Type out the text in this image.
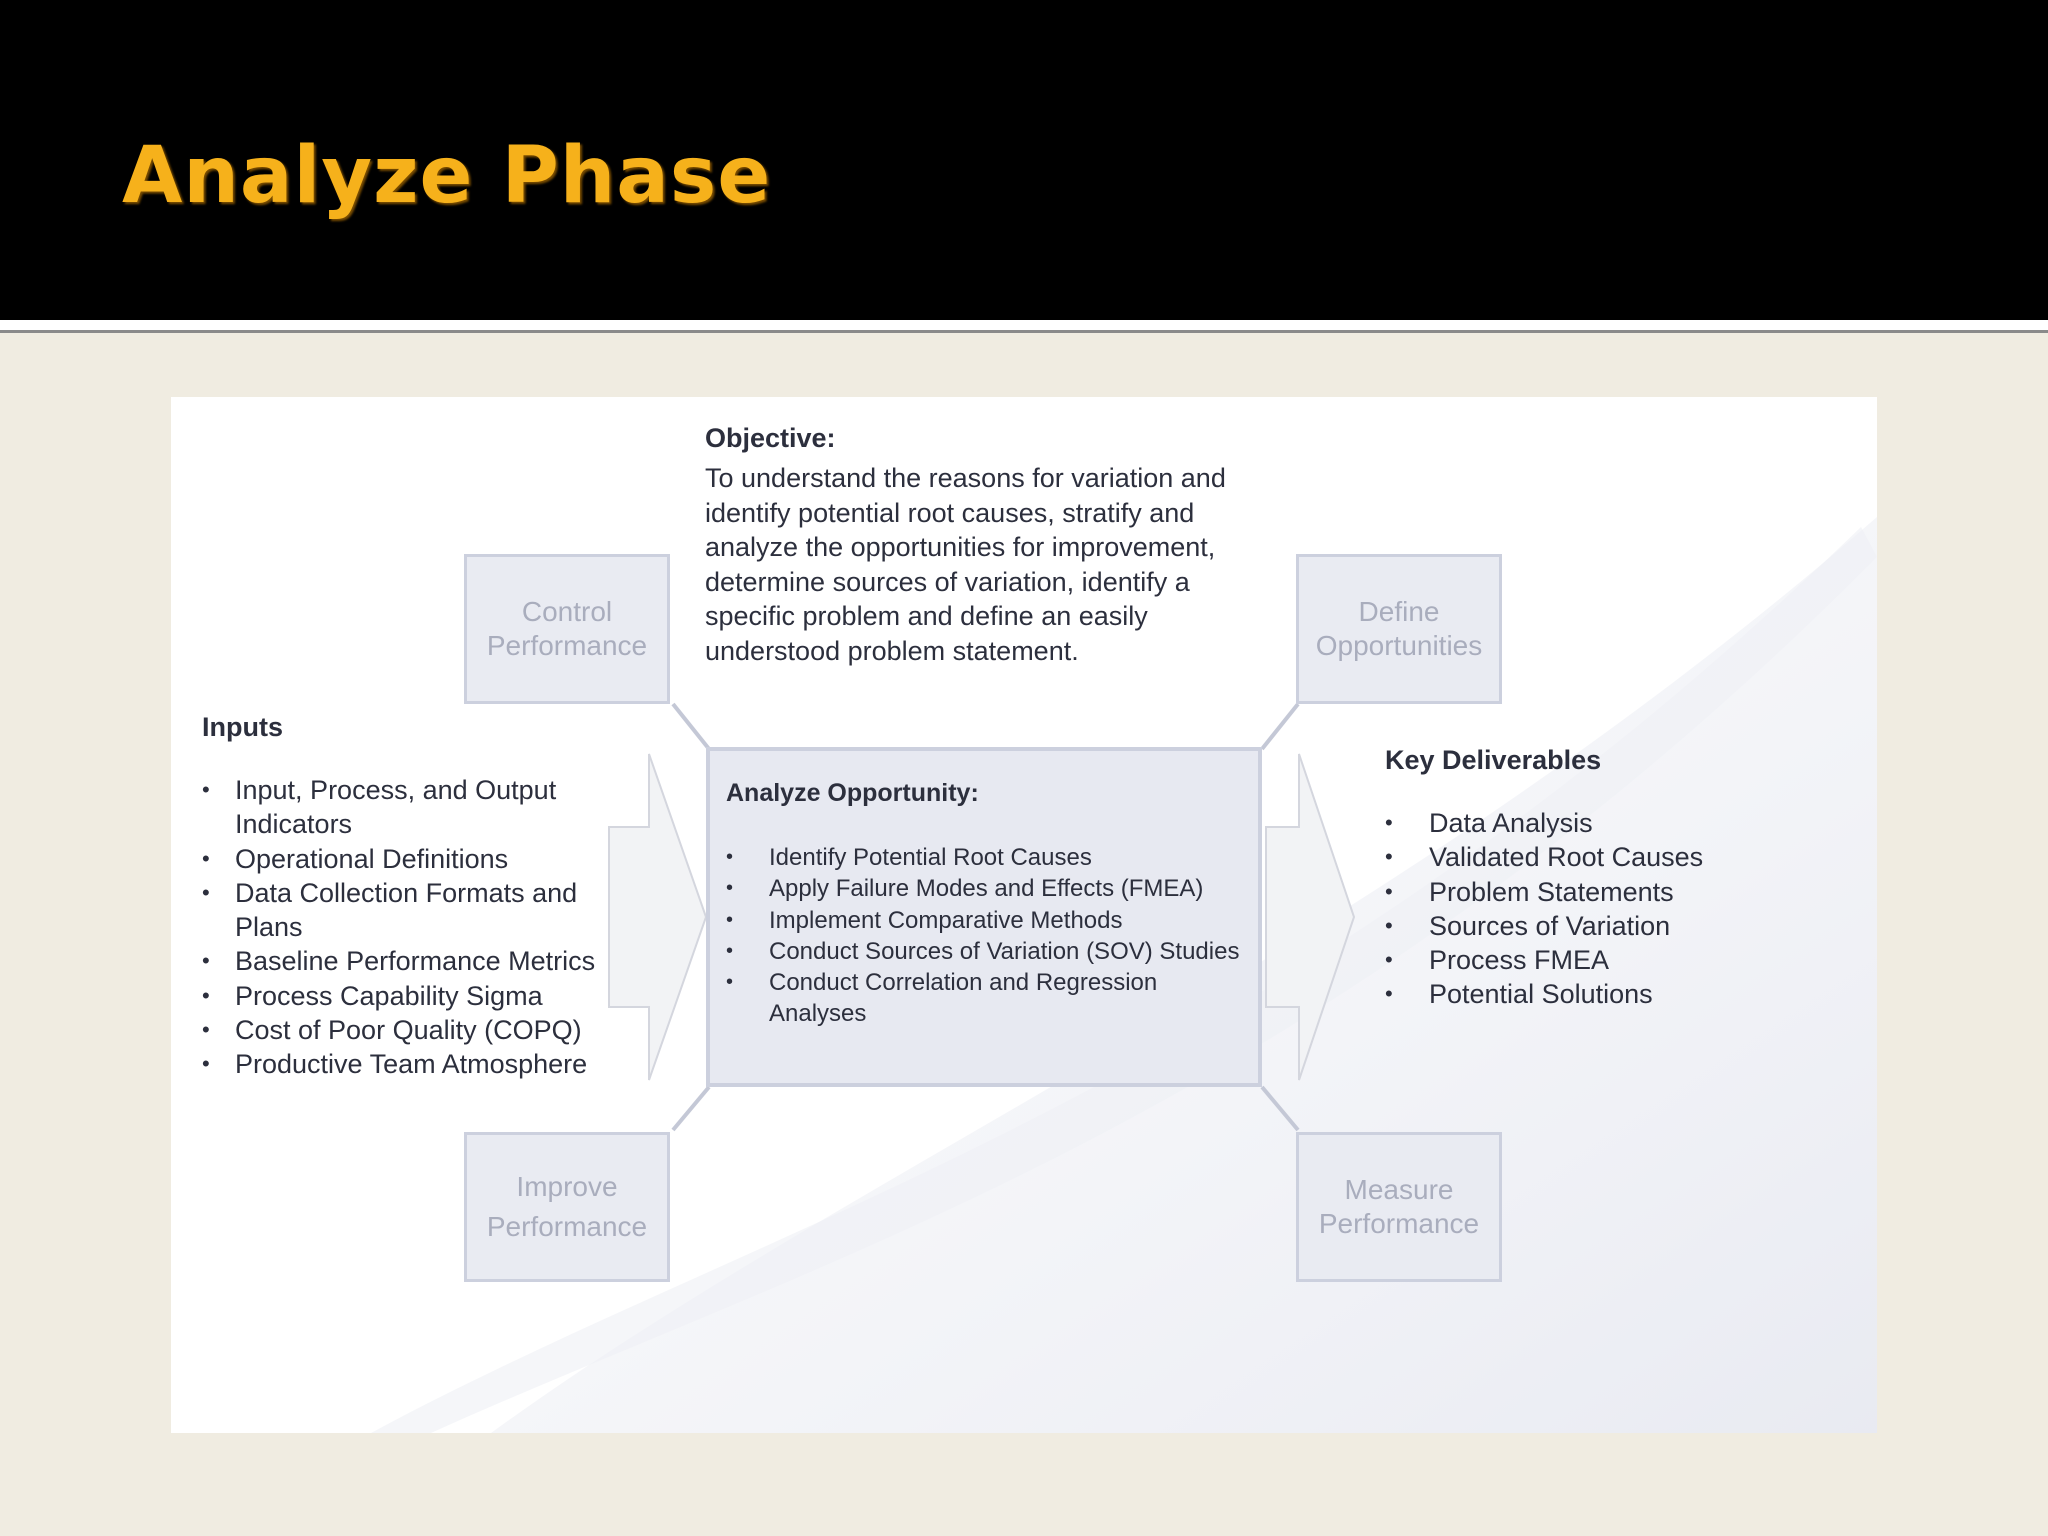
Analyze Phase
Control
Performance
Define
Opportunities
Improve
Performance
Measure
Performance
Objective:
To understand the reasons for variation and
identify potential root causes, stratify and
analyze the opportunities for improvement,
determine sources of variation, identify a
specific problem and define an easily
understood problem statement.
Inputs
• Input, Process, and Output Indicators
• Operational Definitions
• Data Collection Formats and Plans
• Baseline Performance Metrics
• Process Capability Sigma
• Cost of Poor Quality (COPQ)
• Productive Team Atmosphere
Analyze Opportunity:
• Identify Potential Root Causes
• Apply Failure Modes and Effects (FMEA)
• Implement Comparative Methods
• Conduct Sources of Variation (SOV) Studies
• Conduct Correlation and Regression Analyses
Key Deliverables
• Data Analysis
• Validated Root Causes
• Problem Statements
• Sources of Variation
• Process FMEA
• Potential Solutions
